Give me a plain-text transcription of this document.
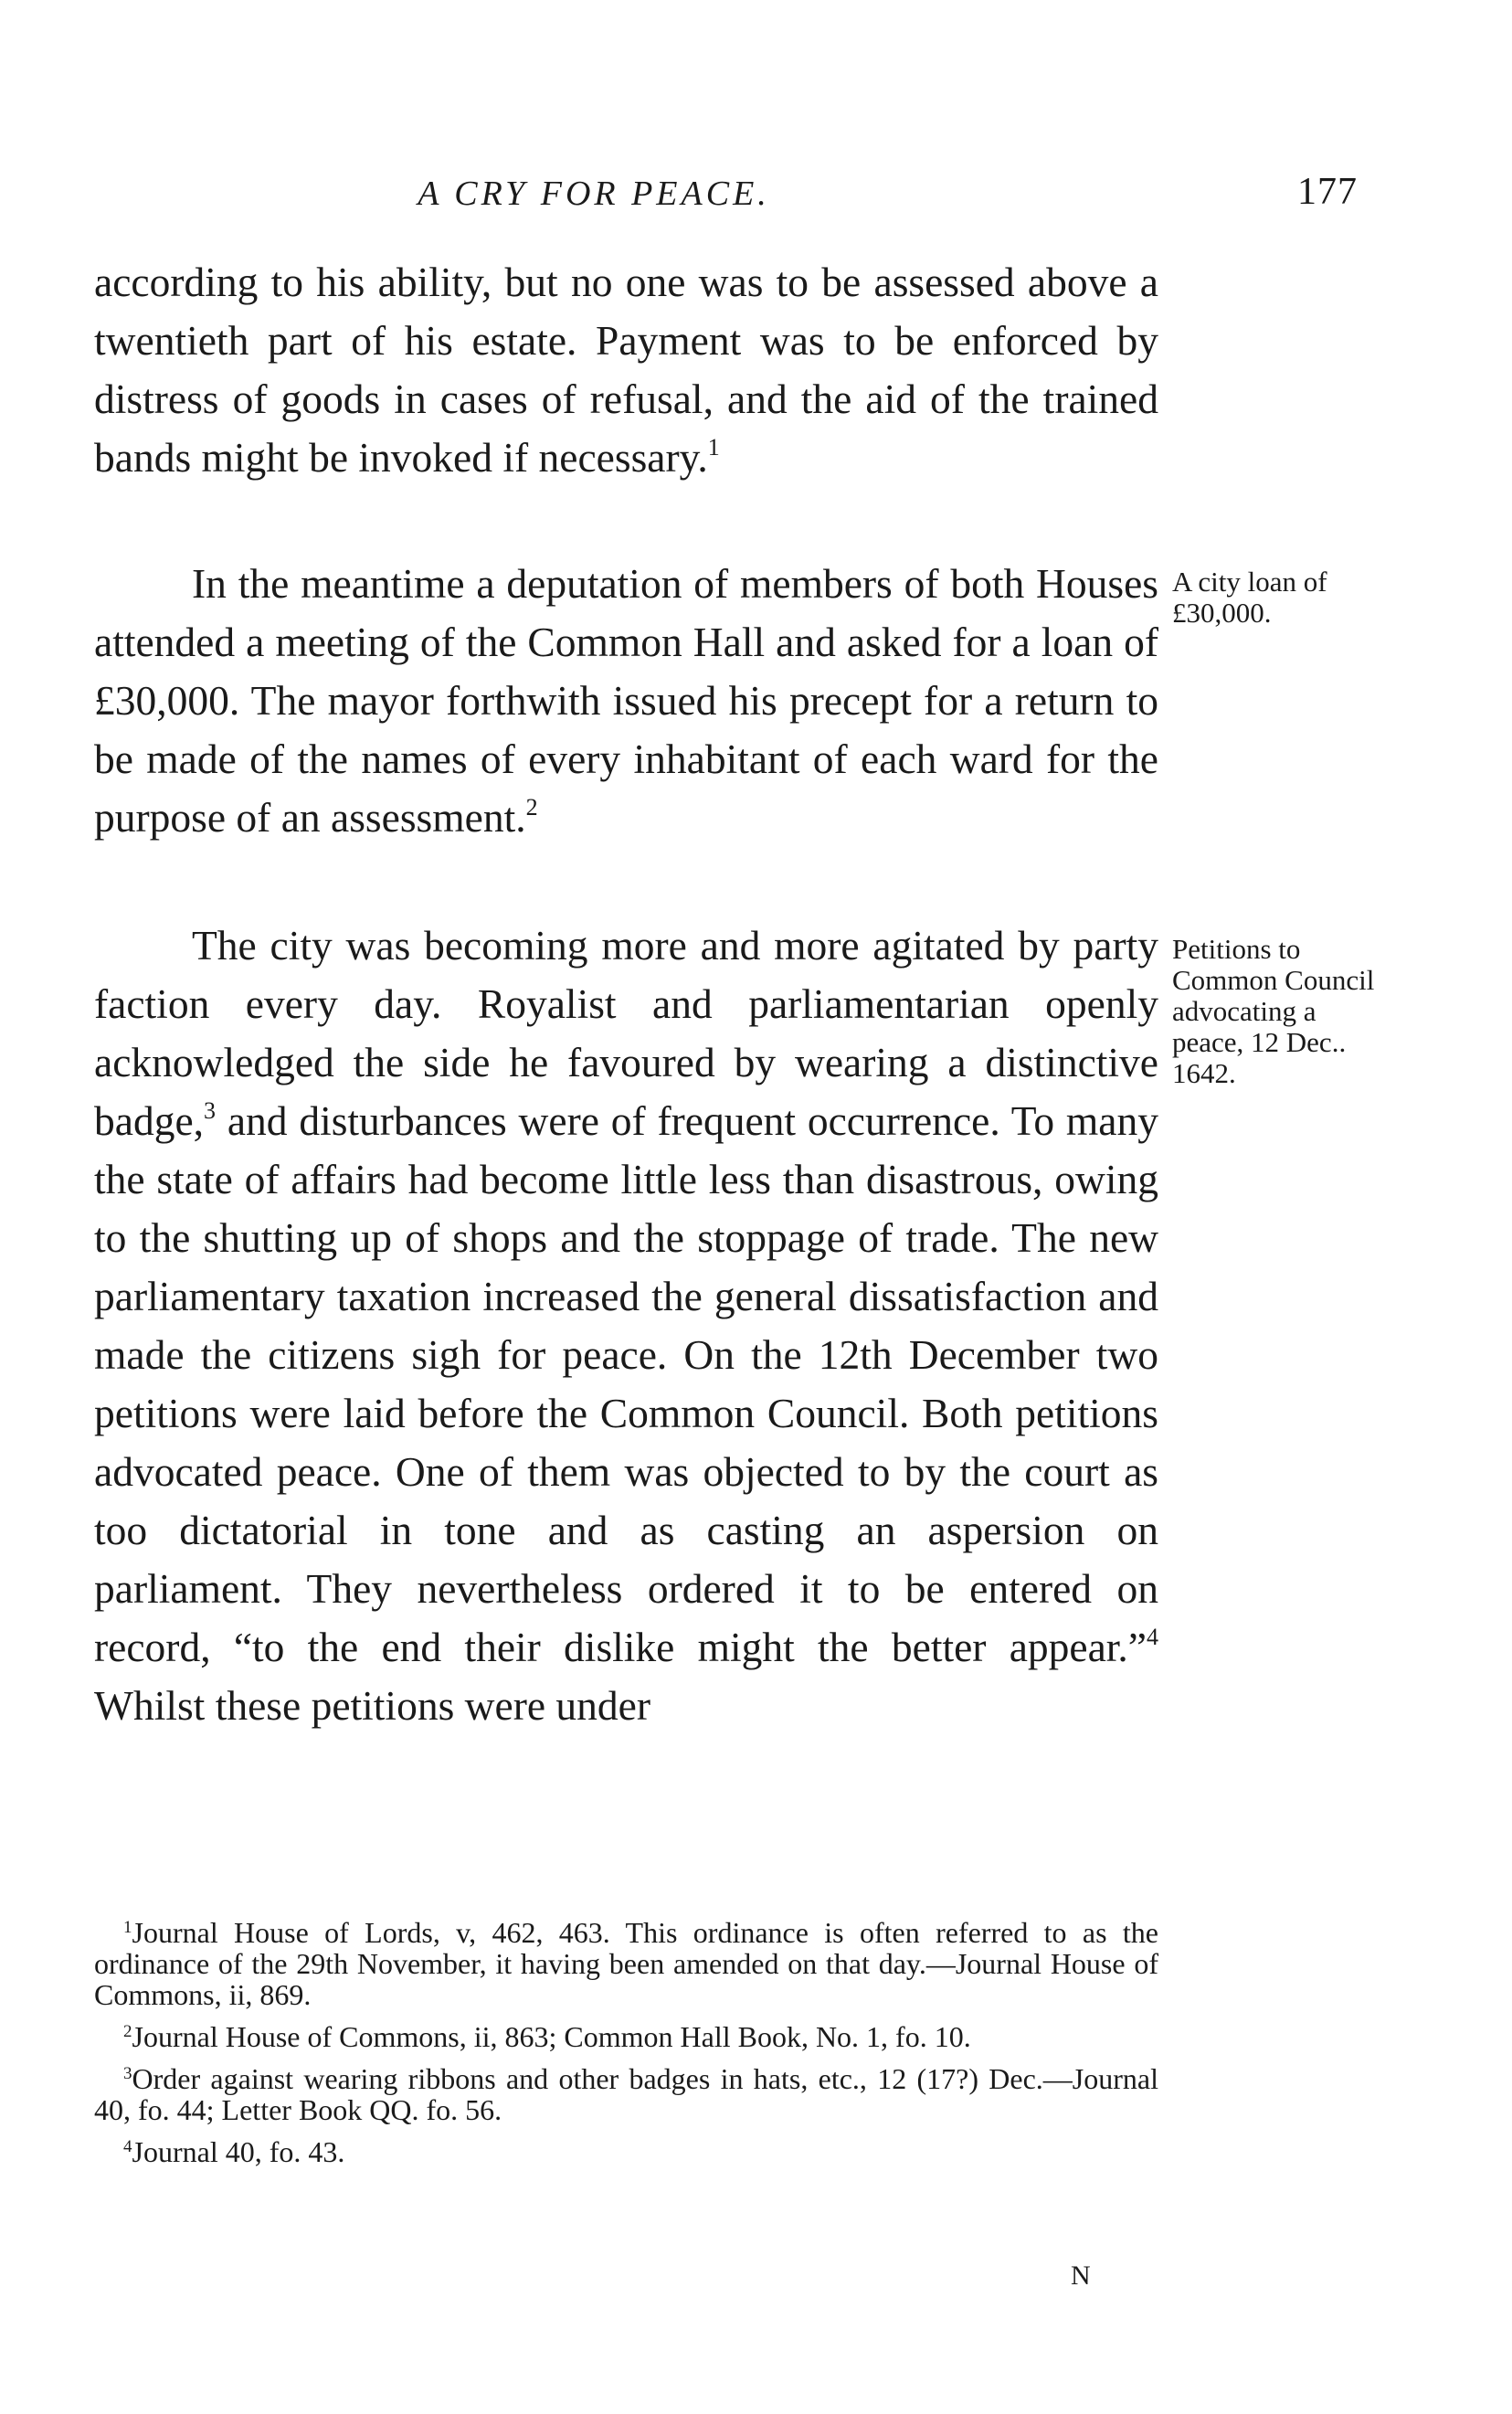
A CRY FOR PEACE.	177

according to his ability, but no one was to be assessed above a twentieth part of his estate. Payment was to be enforced by distress of goods in cases of refusal, and the aid of the trained bands might be invoked if necessary.$^1$

In the meantime a deputation of members of both Houses attended a meeting of the Common Hall and asked for a loan of £30,000. The mayor forthwith issued his precept for a return to be made of the names of every inhabitant of each ward for the purpose of an assessment.$^2$

The city was becoming more and more agitated by party faction every day. Royalist and parliamentarian openly acknowledged the side he favoured by wearing a distinctive badge,$^3$ and disturbances were of frequent occurrence. To many the state of affairs had become little less than disastrous, owing to the shutting up of shops and the stoppage of trade. The new parliamentary taxation increased the general dissatisfaction and made the citizens sigh for peace. On the 12th December two petitions were laid before the Common Council. Both petitions advocated peace. One of them was objected to by the court as too dictatorial in tone and as casting an aspersion on parliament. They nevertheless ordered it to be entered on record, “to the end their dislike might the better appear.”$^4$ Whilst these petitions were under

A city loan of £30,000.

Petitions to Common Council advocating a peace, 12 Dec.. 1642.

$^1$Journal House of Lords, v, 462, 463. This ordinance is often referred to as the ordinance of the 29th November, it having been amended on that day.—Journal House of Commons, ii, 869.

$^2$Journal House of Commons, ii, 863; Common Hall Book, No. 1, fo. 10.

$^3$Order against wearing ribbons and other badges in hats, etc., 12 (17?) Dec.—Journal 40, fo. 44; Letter Book QQ. fo. 56.

$^4$Journal 40, fo. 43.

N
